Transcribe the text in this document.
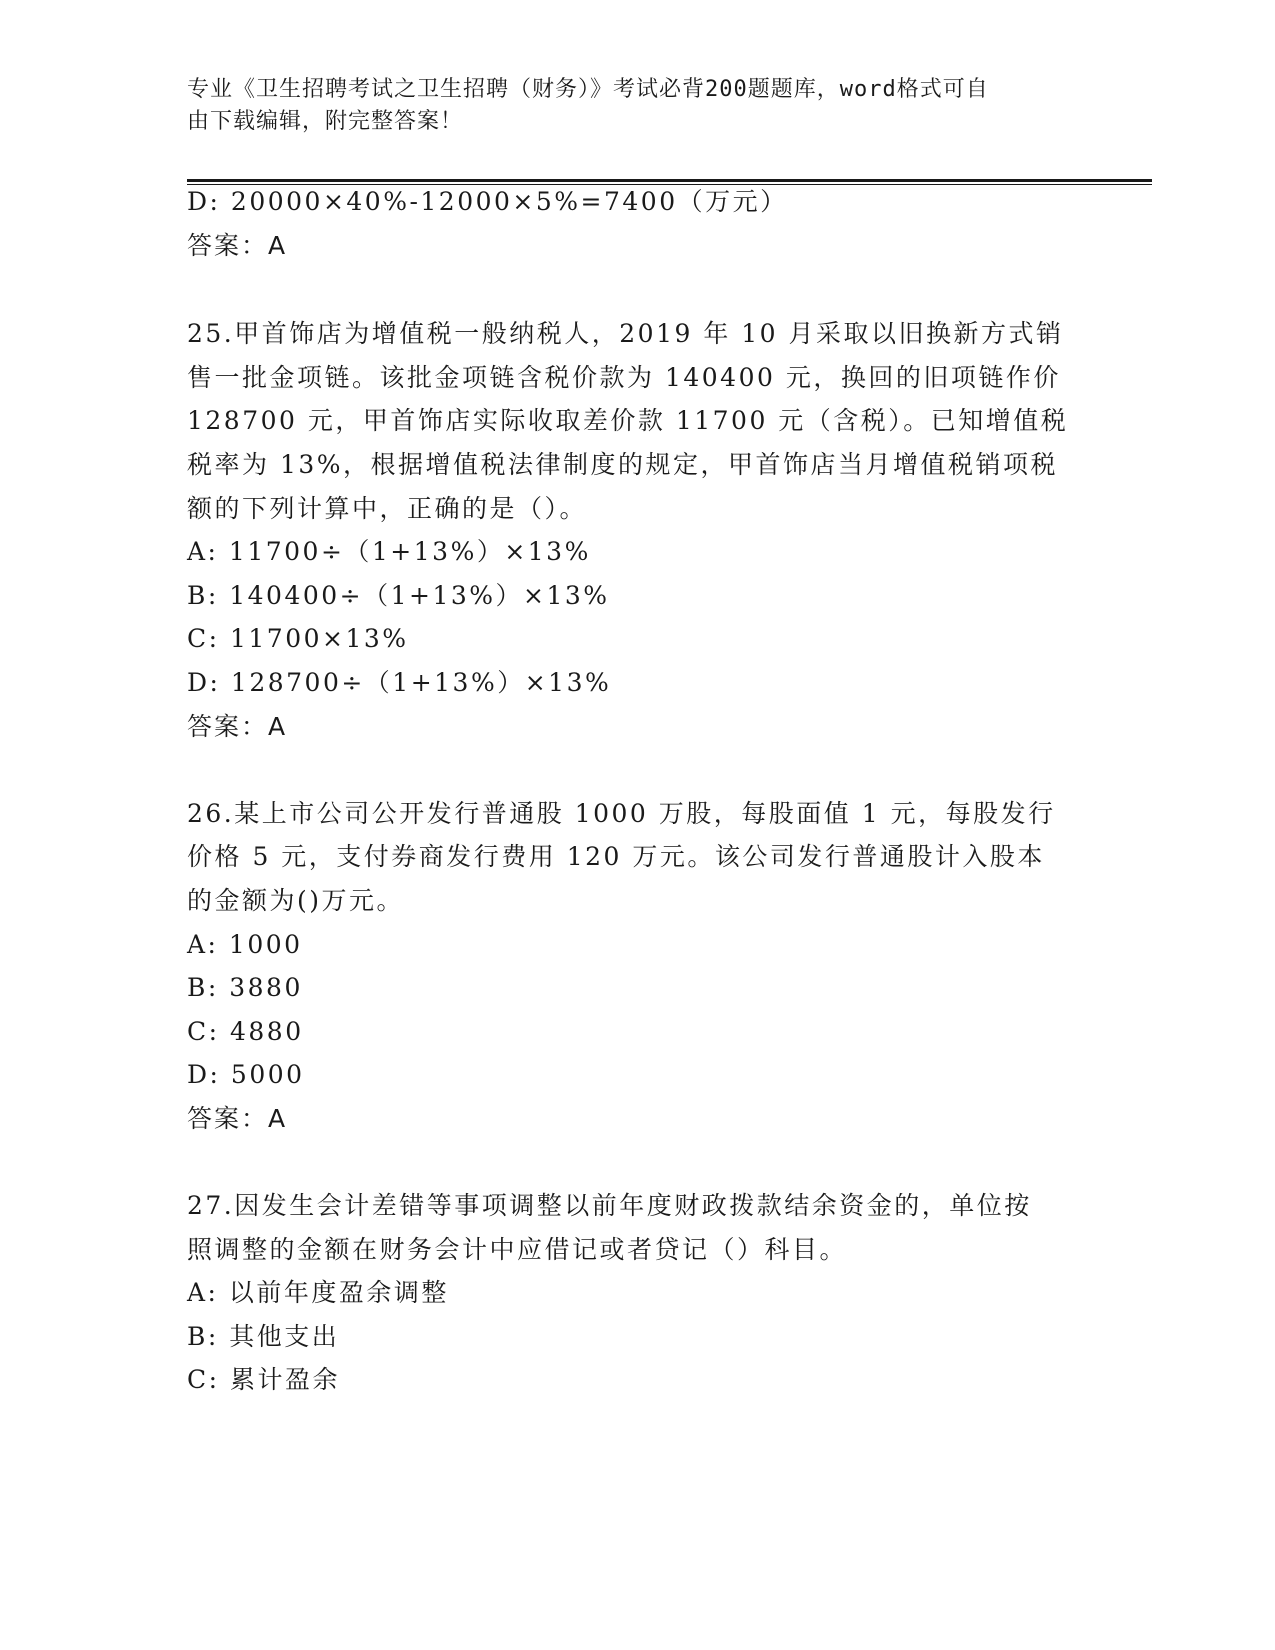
专业《卫生招聘考试之卫生招聘（财务）》考试必背200题题库，word格式可自
由下载编辑，附完整答案！
D: 20000×40%-12000×5%=7400（万元）
答案：A
25.甲首饰店为增值税一般纳税人，2019 年 10 月采取以旧换新方式销
售一批金项链。该批金项链含税价款为 140400 元，换回的旧项链作价
128700 元，甲首饰店实际收取差价款 11700 元（含税）。已知增值税
税率为 13%，根据增值税法律制度的规定，甲首饰店当月增值税销项税
额的下列计算中，正确的是（）。
A: 11700÷（1+13%）×13%
B: 140400÷（1+13%）×13%
C: 11700×13%
D: 128700÷（1+13%）×13%
答案：A
26.某上市公司公开发行普通股 1000 万股，每股面值 1 元，每股发行
价格 5 元，支付券商发行费用 120 万元。该公司发行普通股计入股本
的金额为()万元。
A: 1000
B: 3880
C: 4880
D: 5000
答案：A
27.因发生会计差错等事项调整以前年度财政拨款结余资金的，单位按
照调整的金额在财务会计中应借记或者贷记（）科目。
A: 以前年度盈余调整
B: 其他支出
C: 累计盈余
